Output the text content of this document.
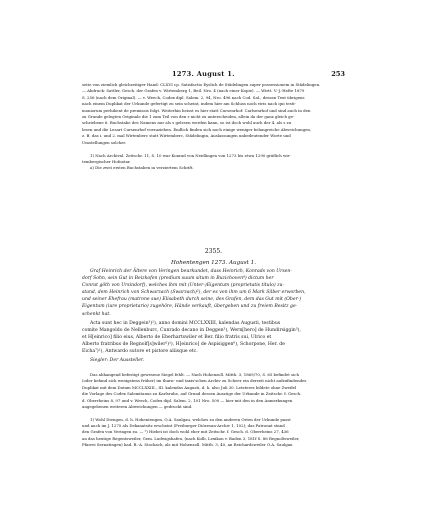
1273. August 1.	253

seite von ziemlich gleichzeitiger Hand: CLXVI cp. Satisfactio Eyslich de Stâdelingen super possessionem in Stâdelingen.

— Abdruck: Sattler, Gesch. der Grafen v. Wirtemberg 1, Beil. Nro. 4 (nach einer Kopie). — Wirtt. V.-J.-Hefte 1879

S. 256 (nach dem Original). — v. Weech, Codex dipl. Salem. 2, 94, Nro. 496 nach Cod. Sal., dessen Text übrigens

nach einem Duplikat der Urkunde gefertigt zu sein scheint, indem hier am Schluss noch viris nach qui testi-

moniorum perhibent de premissis folgt. Weiterhin heisst es hier statt Cursenrhof: Carlsenrhof und sind auch in den

zu Grunde gelegten Originale die 1 zum Teil von den r nicht zu unterscheiden, allein da der ganz gleich ge-

schriebene 6. Buchstabe des Namens nur als s gelesen werden kann, so ist doch wohl auch der 4. als s zu

lesen und die Lesart Cursenrhof vorzuziehen. Endlich finden sich noch einige weniger belangreiche Abweichungen,

z. B. das i. und 2. mal Wirtenberc statt Wirtemberc, Stâdelingin, Auslassungen unbedeutender Worte und

Umstellungen solcher.

1) Nach Archival. Zeitschr. 11, S. 10 war Konrad von Neidlingen von 1273 bis etwa 1290 gräflich wir-

tembergischer Hofnotar.

a) Die zwei ersten Buchstaben in verziertem Schrift.

2355.
Hohentengen 1273. August 1.

Graf Heinrich der Ältere von Veringen beurkundet, dass Heinrich, Konrads von Ursen-

dorf Sohn, sein Gut in Beizkofen (predium suum situm in Buzichoven⁴) dictum her

Conrat gôth von Ursindorf), welches ihm mit (Unter-)Eigentum (proprietatis titulo) zu-

stand, dem Heinrich von Schwarzach (Swarzach)²), der es von ihm um 6 Mark Silber erworben,

und seiner Ehefrau (matrone sue) Elisabeth durch seine, des Grafen, dem das Gut mit (Ober-)

Eigentum (iure proprietario) zugehöre, Hände verkauft, übergeben und zu freiem Besitz ge-

schenkt hat.

Acta sunt hec in Deggein³)¹), anno domini MCCLXXIII, kalendas Augusti, testibus

comite Mangoldo de Nellenburc, Cunrado decano in Deggen³), Wern[hero] de Hundirsiggin³),

et H[einrico] filio eius, Alberto de Eberhartswiler et Ber. filio fratris sui, Ulrico et

Alberto fratribus de Regnolf[s]wiler⁵)¹), H[einrico] de Aspisiggen⁶), Schorpone, Her. de

Eicha⁷)¹), Antwardo sutore et pistore aliisque etc.

Siegler: Der Aussteller.

Das abhangend befestigt gewesene Siegel fehlt. — Nach Hohenzoll. Mitth. 3, 1869/70, S. 65 befindet sich

(oder befand sich wenigstens früher) im thurn- und taxis'schen Archiv zu Scheer ein derzeit nicht aufzufindendes

Duplikat mit dem Datum MCCLXXIII., III. kalendas Augusti, d. h. also Juli 30. Letzteres bildete ohne Zweifel

die Vorlage des Codex Salemitanus zu Karlsruhe, auf Grund dessen Auszüge der Urkunde in Zeitschr. f. Gesch.

d. Oberrheins 8, 97 und v. Weech, Codex dipl. Salem. 2, 101 Nro. 500 — hier mit den in den Anmerkungen

angegebenen weiteren Abweichungen — gedruckt sind.

1) Wohl Diengen, d. h. Hohentengen, O.A. Saulgau, welches zu den anderen Orten der Urkunde passt

und auch im J. 1275 als Dekanatsitz erscheint (Freiburger Diözesan-Archiv 1, 102); das Patronat stand

den Grafen von Veringen zu. — ²) Hiebei ist doch wohl eher mit Zeitschr. f. Gesch. d. Oberrheins 27, 436

an das heutige Regentsweiler, Gem. Ludwigshafen, (nach Kolb, Lexikon v. Baden 3, 181f S. 86 Regnoltsweiler,

Pfarrei Sernatingen) bad. B.-A. Stockach, als mit Hohenzoll. Mitth. 3, 40, an Reichardsweiler O.A. Saulgau
